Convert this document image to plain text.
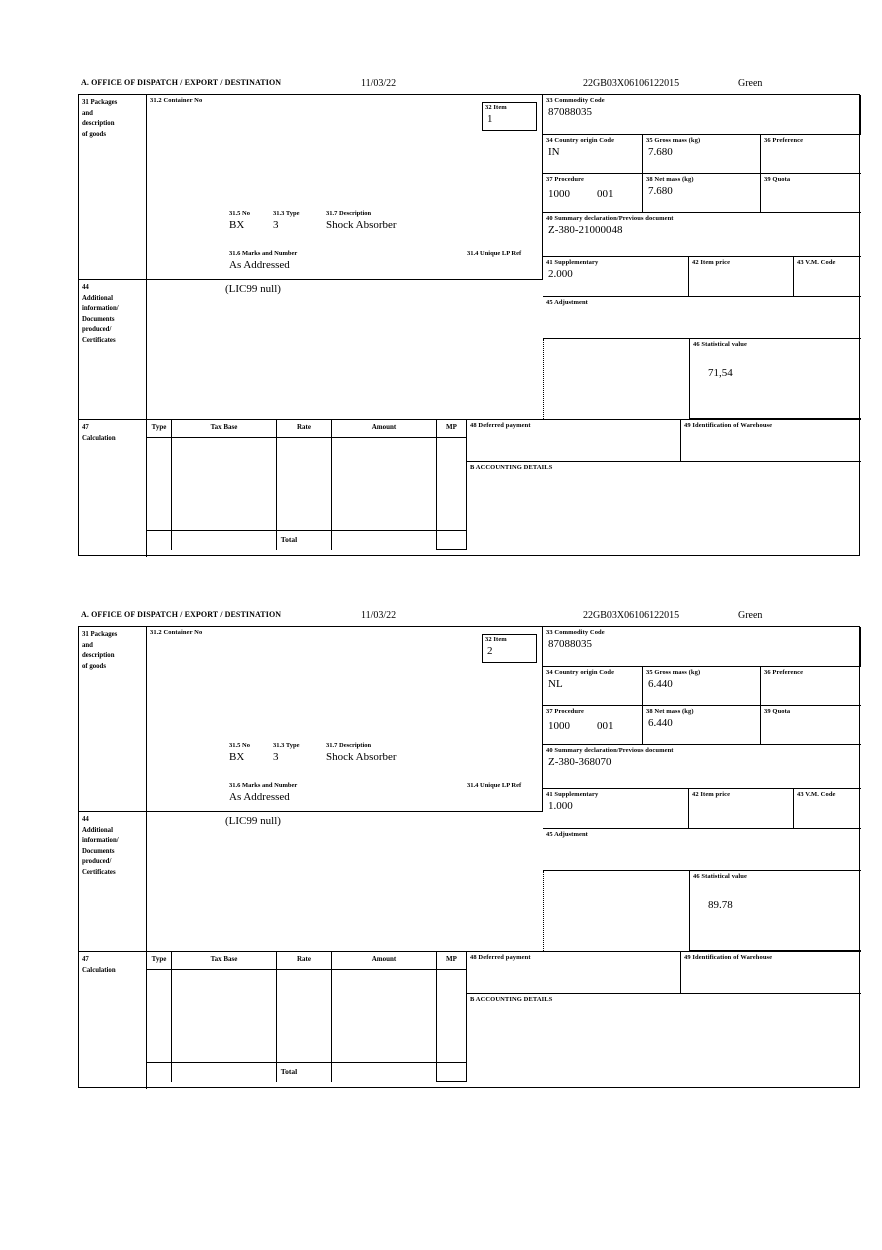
A. OFFICE OF DISPATCH / EXPORT / DESTINATION	11/03/22	22GB03X06106122015	Green
31 Packages
and
description
of goods
31.2 Container No
31.5 No	31.3 Type	31.7 Description
BX	3	Shock Absorber
31.6 Marks and Number	31.4 Unique LP Ref
As Addressed
32 Item
1
33 Commodity Code
87088035
34 Country origin Code
IN
35 Gross mass (kg)
7.680
36 Preference
37 Procedure
1000 001
38 Net mass (kg)
7.680
39 Quota
40 Summary declaration/Previous document
Z-380-21000048
41 Supplementary
2.000
42 Item price	43 V.M. Code
44
Additional
information/
Documents
produced/
Certificates
(LIC99 null)
45 Adjustment
46 Statistical value
71,54
47
Calculation
Type	Tax Base	Rate	Amount	MP
Total
48 Deferred payment	49 Identification of Warehouse
B ACCOUNTING DETAILS
A. OFFICE OF DISPATCH / EXPORT / DESTINATION	11/03/22	22GB03X06106122015	Green
31 Packages
and
description
of goods
31.2 Container No
31.5 No	31.3 Type	31.7 Description
BX	3	Shock Absorber
31.6 Marks and Number	31.4 Unique LP Ref
As Addressed
32 Item
2
33 Commodity Code
87088035
34 Country origin Code
NL
35 Gross mass (kg)
6.440
36 Preference
37 Procedure
1000 001
38 Net mass (kg)
6.440
39 Quota
40 Summary declaration/Previous document
Z-380-368070
41 Supplementary
1.000
42 Item price	43 V.M. Code
44
Additional
information/
Documents
produced/
Certificates
(LIC99 null)
45 Adjustment
46 Statistical value
89.78
47
Calculation
Type	Tax Base	Rate	Amount	MP
Total
48 Deferred payment	49 Identification of Warehouse
B ACCOUNTING DETAILS
